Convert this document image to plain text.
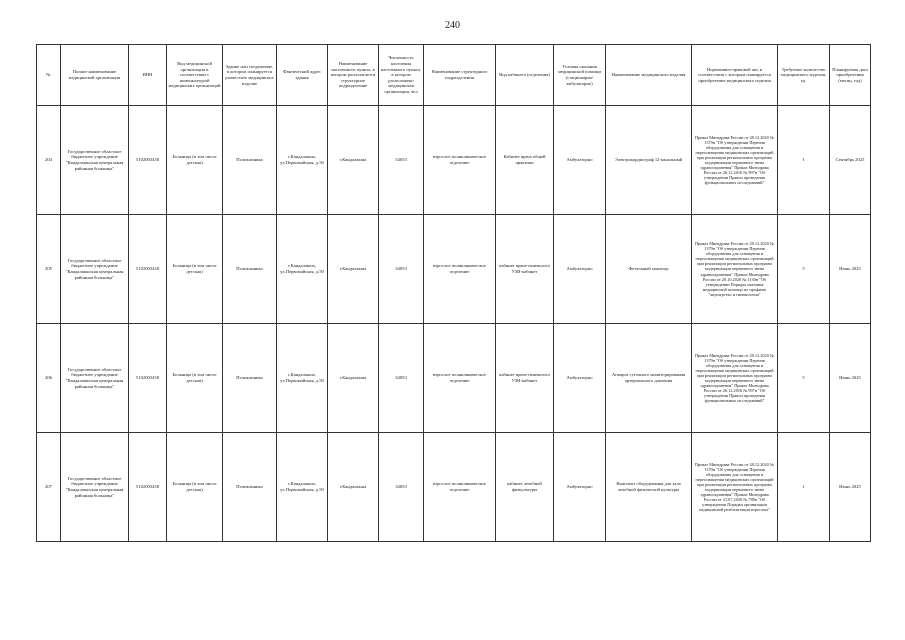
240
№	Полное наименование медицинской организации	ИНН	Вид медицинской организации в соответствии с номенклатурой медицинских организаций	Здание или сооружение, в котором планируется разместить медицинское изделие	Фактический адрес здания	Наименование населенного пункта, в котором располагается структурное подразделение	Численность населения населенного пункта, в котором расположено медицинская организация, чел	Наименование структурного подразделения	Вид кабинета (отделения)	Условия оказания медицинской помощи (стационарно/амбулаторно)	Наименование медицинского изделия	Нормативно-правовой акт, в соответствии с которым планируется приобретение медицинского изделия	Требуемое количество медицинского изделия, ед.	Планируемая дата приобретения (месяц, год)
204	Государственное областное бюджетное учреждение "Кандалакшская центральная районная больница"	5102003438	Больница (в том числе детская)	Поликлиника	г.Кандалакша, ул.Первомайская, д.50	г.Кандалакша	34053	взрослое поликлиническое отделение	Кабинет врача общей практики	Амбулаторно	Электрокардиограф 12-канальный	Приказ Минздрава России от 28.12.2020 № 1379н "Об утверждении Перечня оборудования для оснащения и переоснащения медицинских организаций при реализации региональных программ модернизации первичного звена здравоохранения" Приказ Минздрава России от 26.12.2016 № 997н "Об утверждении Правил проведения функциональных исследований"	1	Сентябрь 2025
205	Государственное областное бюджетное учреждение "Кандалакшская центральная районная больница"	5102003438	Больница (в том числе детская)	Поликлиника	г.Кандалакша, ул.Первомайская, д.50	г.Кандалакша	34053	взрослое поликлиническое отделение	кабинет врача-гинеколога УЗИ-кабинет	Амбулаторно	Фетальный монитор	Приказ Минздрава России от 28.12.2020 № 1379н "Об утверждении Перечня оборудования для оснащения и переоснащения медицинских организаций при реализации региональных программ модернизации первичного звена здравоохранения" Приказ Минздрава России от 20.10.2020 № 1130н "Об утверждении Порядка оказания медицинской помощи по профилю "акушерство и гинекология"	5	Июнь 2025
206	Государственное областное бюджетное учреждение "Кандалакшская центральная районная больница"	5102003438	Больница (в том числе детская)	Поликлиника	г.Кандалакша, ул.Первомайская, д.50	г.Кандалакша	34053	взрослое поликлиническое отделение	кабинет врача-гинеколога УЗИ-кабинет	Амбулаторно	Аппарат суточного мониторирования артериального давления	Приказ Минздрава России от 28.12.2020 № 1379н "Об утверждении Перечня оборудования для оснащения и переоснащения медицинских организаций при реализации региональных программ модернизации первичного звена здравоохранения" Приказ Минздрава России от 26.12.2016 № 997н "Об утверждении Правил проведения функциональных исследований"	5	Июнь 2025
207	Государственное областное бюджетное учреждение "Кандалакшская центральная районная больница"	5102003438	Больница (в том числе детская)	Поликлиника	г.Кандалакша, ул.Первомайская, д.50	г.Кандалакша	34053	взрослое поликлиническое отделение	кабинет лечебной физкультуры	Амбулаторно	Комплект оборудования для зала лечебной физической культуры	Приказ Минздрава России от 28.12.2020 № 1379н "Об утверждении Перечня оборудования для оснащения и переоснащения медицинских организаций при реализации региональных программ модернизации первичного звена здравоохранения" Приказ Минздрава России от 31.07.2020 № 788н "Об утверждении Порядка организации медицинской реабилитации взрослых"	1	Июнь 2025
